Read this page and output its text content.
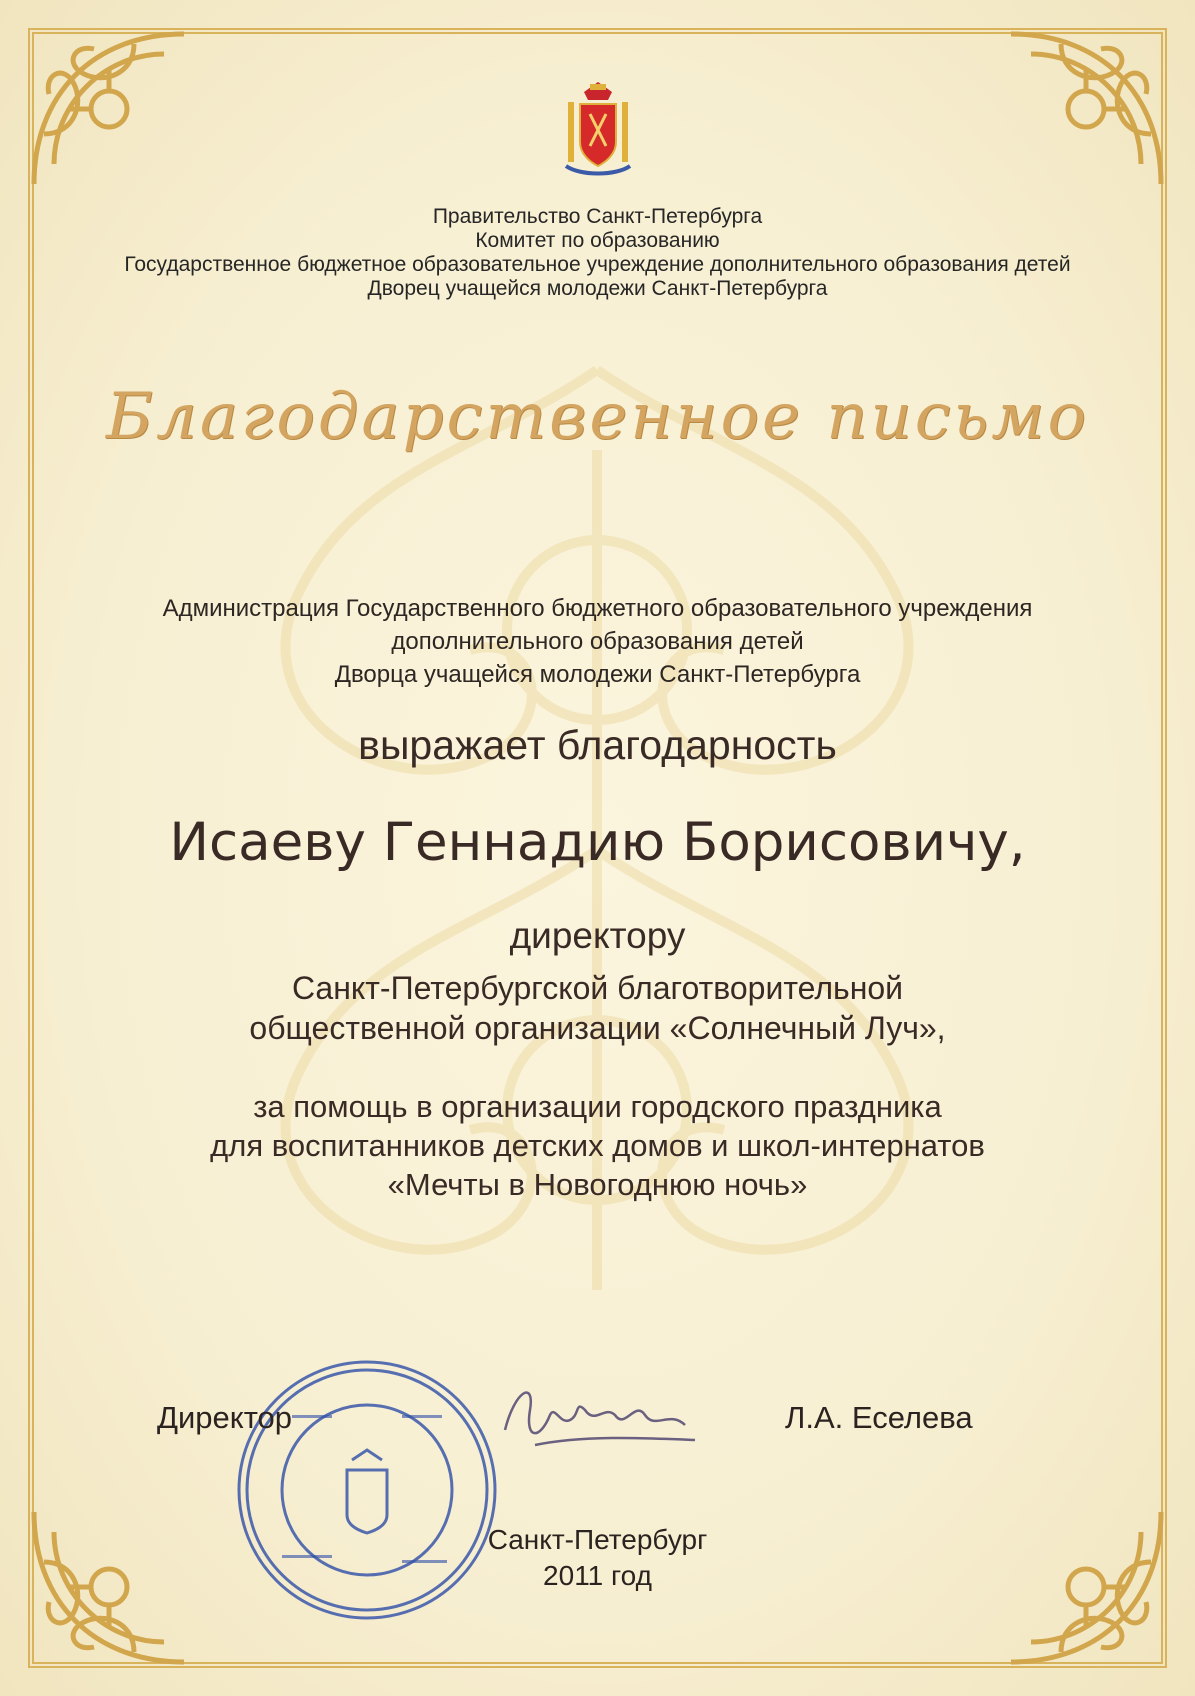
Правительство Санкт-Петербурга
Комитет по образованию
Государственное бюджетное образовательное учреждение дополнительного образования детей
Дворец учащейся молодежи Санкт-Петербурга
Благодарственное письмо
Администрация Государственного бюджетного образовательного учреждения
дополнительного образования детей
Дворца учащейся молодежи Санкт-Петербурга
выражает благодарность
Исаеву Геннадию Борисовичу,
директору
Санкт-Петербургской благотворительной
общественной организации «Солнечный Луч»,
за помощь в организации городского праздника
для воспитанников детских домов и школ-интернатов
«Мечты в Новогоднюю ночь»
Директор	Л.А. Еселева
Санкт-Петербург
2011 год
